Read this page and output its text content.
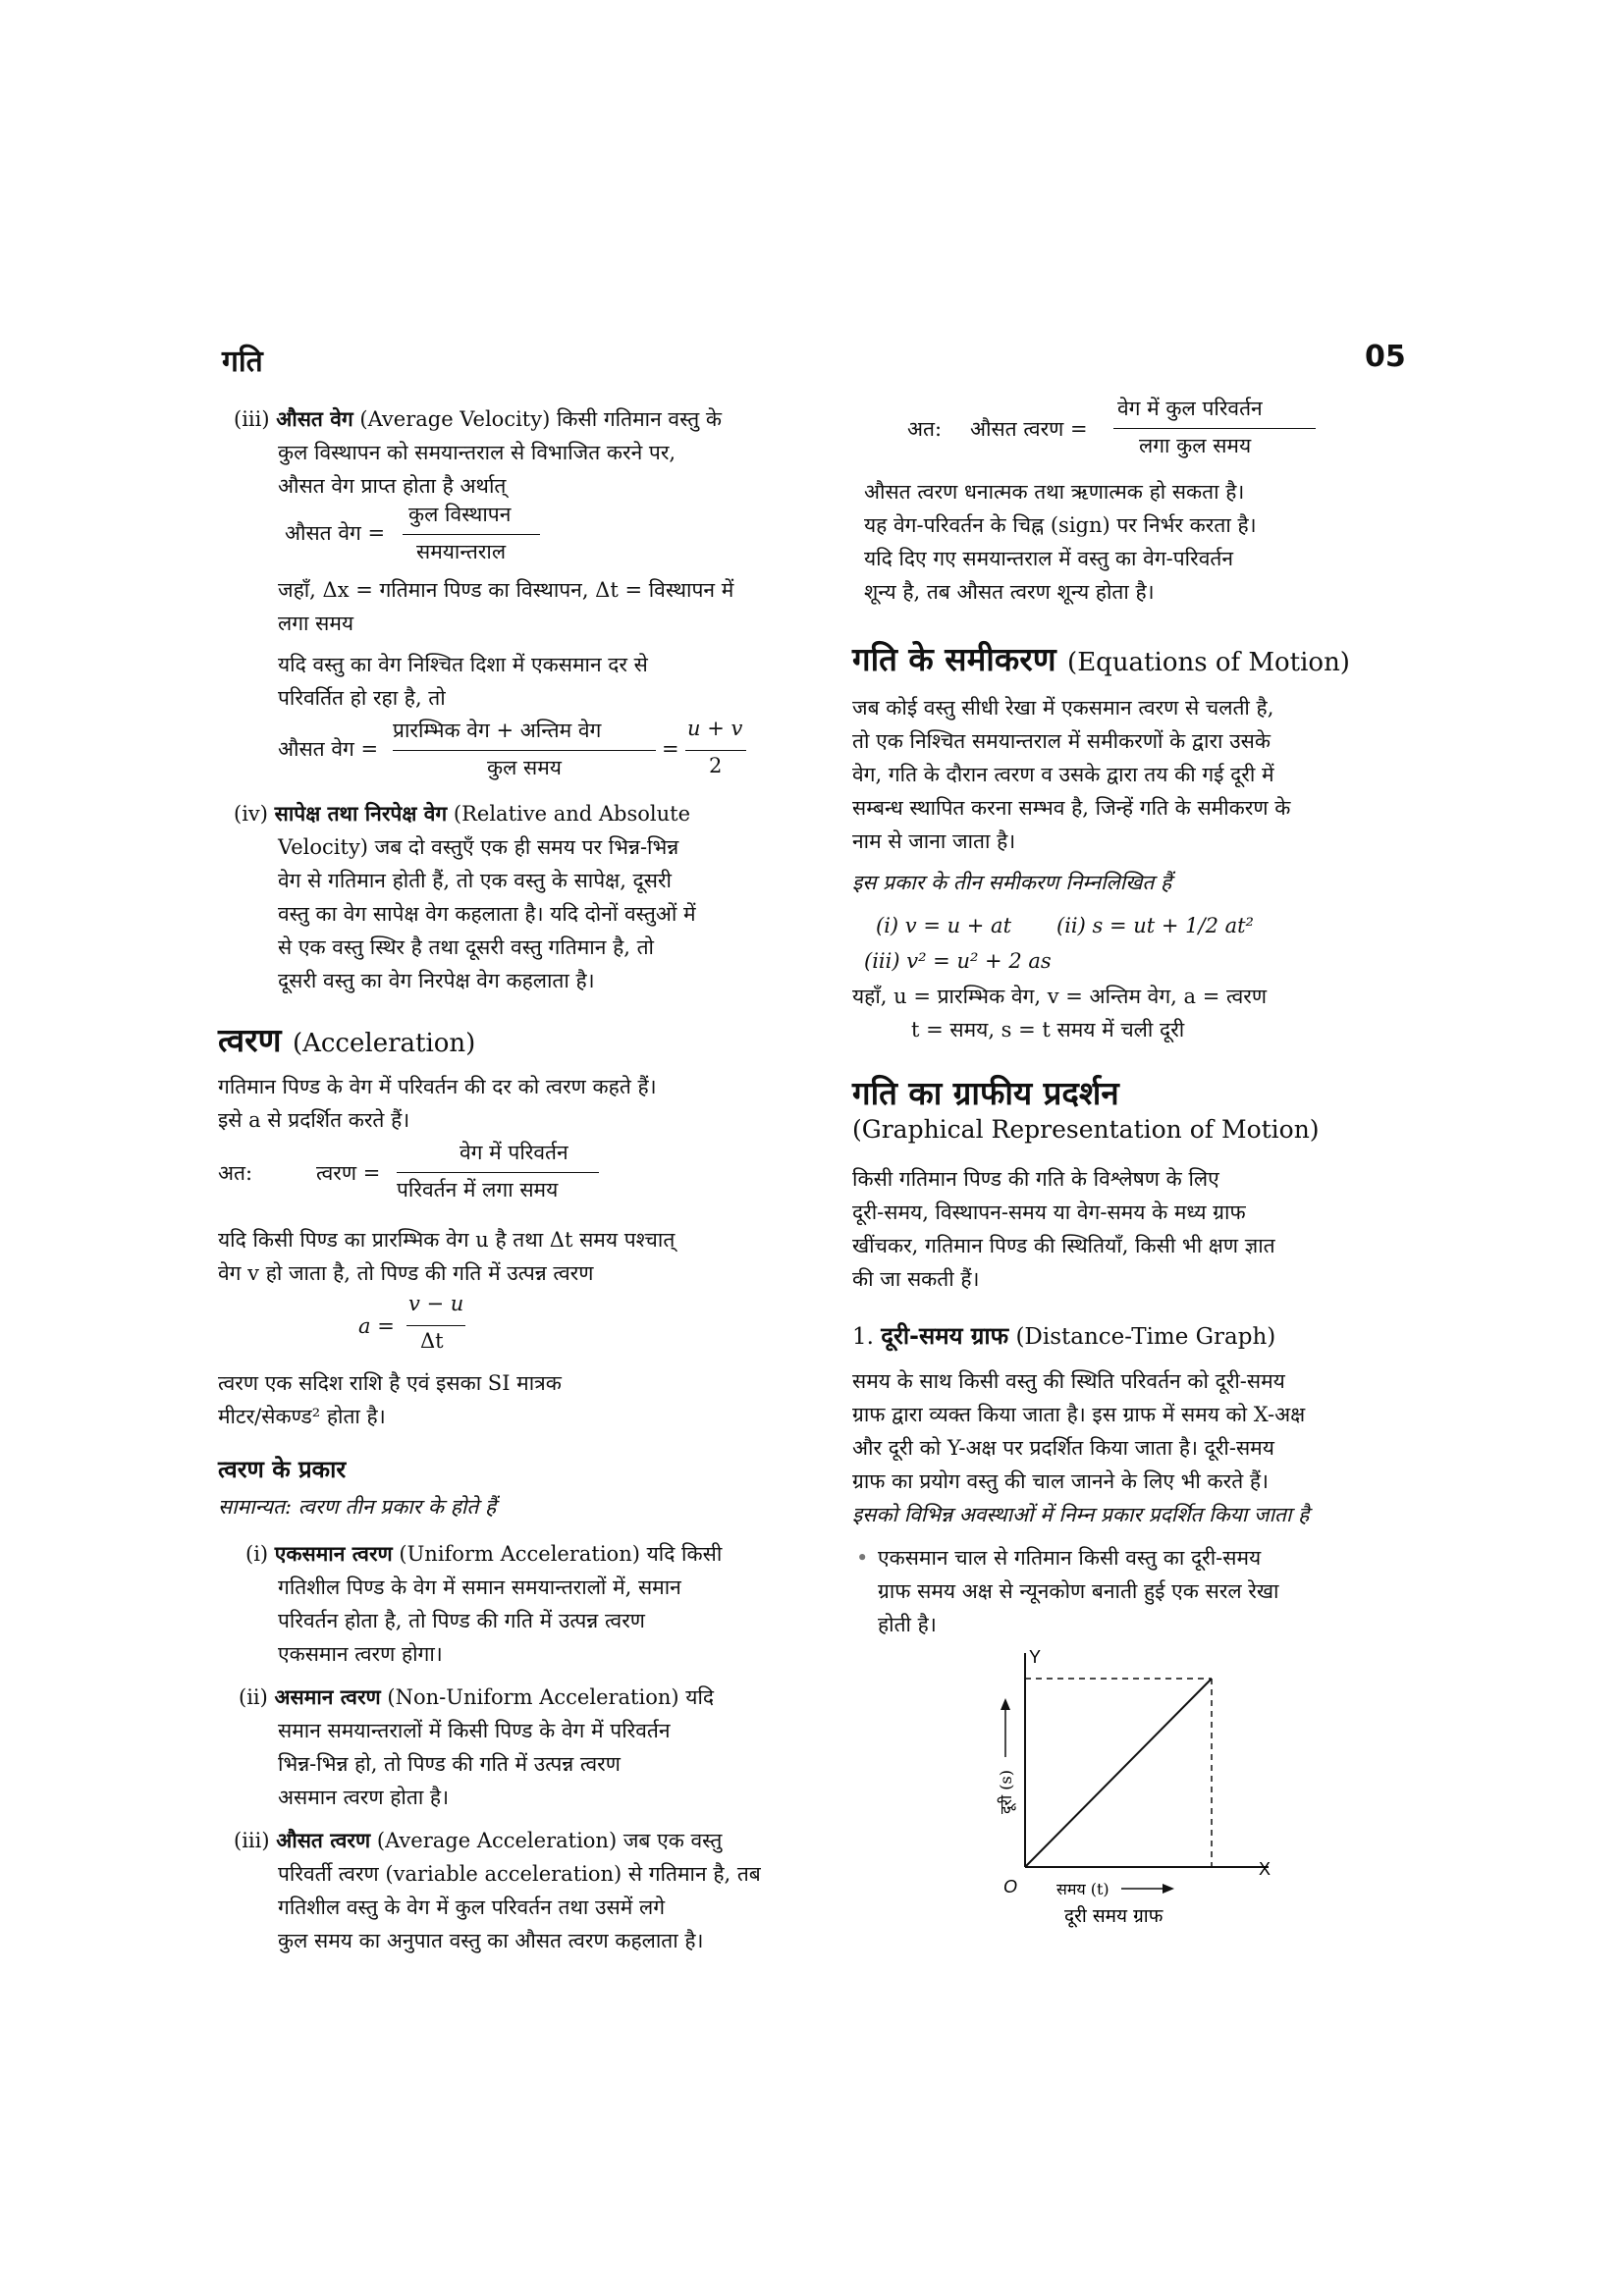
गति	05
(iii) औसत वेग (Average Velocity) किसी गतिमान वस्तु के
कुल विस्थापन को समयान्तराल से विभाजित करने पर,
औसत वेग प्राप्त होता है अर्थात्
औसत वेग =
कुल विस्थापन
समयान्तराल
जहाँ, Δx = गतिमान पिण्ड का विस्थापन, Δt = विस्थापन में
लगा समय
यदि वस्तु का वेग निश्चित दिशा में एकसमान दर से
परिवर्तित हो रहा है, तो
औसत वेग =
प्रारम्भिक वेग + अन्तिम वेग
कुल समय
=
u + v
2
(iv) सापेक्ष तथा निरपेक्ष वेग (Relative and Absolute
Velocity) जब दो वस्तुएँ एक ही समय पर भिन्न-भिन्न
वेग से गतिमान होती हैं, तो एक वस्तु के सापेक्ष, दूसरी
वस्तु का वेग सापेक्ष वेग कहलाता है। यदि दोनों वस्तुओं में
से एक वस्तु स्थिर है तथा दूसरी वस्तु गतिमान है, तो
दूसरी वस्तु का वेग निरपेक्ष वेग कहलाता है।
त्वरण (Acceleration)
गतिमान पिण्ड के वेग में परिवर्तन की दर को त्वरण कहते हैं।
इसे a से प्रदर्शित करते हैं।
अत:	त्वरण =
वेग में परिवर्तन
परिवर्तन में लगा समय
यदि किसी पिण्ड का प्रारम्भिक वेग u है तथा Δt समय पश्चात्
वेग v हो जाता है, तो पिण्ड की गति में उत्पन्न त्वरण
a =
v − u
Δt
त्वरण एक सदिश राशि है एवं इसका SI मात्रक
मीटर/सेकण्ड² होता है।
त्वरण के प्रकार
सामान्यत: त्वरण तीन प्रकार के होते हैं
(i) एकसमान त्वरण (Uniform Acceleration) यदि किसी
गतिशील पिण्ड के वेग में समान समयान्तरालों में, समान
परिवर्तन होता है, तो पिण्ड की गति में उत्पन्न त्वरण
एकसमान त्वरण होगा।
(ii) असमान त्वरण (Non-Uniform Acceleration) यदि
समान समयान्तरालों में किसी पिण्ड के वेग में परिवर्तन
भिन्न-भिन्न हो, तो पिण्ड की गति में उत्पन्न त्वरण
असमान त्वरण होता है।
(iii) औसत त्वरण (Average Acceleration) जब एक वस्तु
परिवर्ती त्वरण (variable acceleration) से गतिमान है, तब
गतिशील वस्तु के वेग में कुल परिवर्तन तथा उसमें लगे
कुल समय का अनुपात वस्तु का औसत त्वरण कहलाता है।
अत: औसत त्वरण =
वेग में कुल परिवर्तन
लगा कुल समय
औसत त्वरण धनात्मक तथा ऋणात्मक हो सकता है।
यह वेग-परिवर्तन के चिह्न (sign) पर निर्भर करता है।
यदि दिए गए समयान्तराल में वस्तु का वेग-परिवर्तन
शून्य है, तब औसत त्वरण शून्य होता है।
गति के समीकरण (Equations of Motion)
जब कोई वस्तु सीधी रेखा में एकसमान त्वरण से चलती है,
तो एक निश्चित समयान्तराल में समीकरणों के द्वारा उसके
वेग, गति के दौरान त्वरण व उसके द्वारा तय की गई दूरी में
सम्बन्ध स्थापित करना सम्भव है, जिन्हें गति के समीकरण के
नाम से जाना जाता है।
इस प्रकार के तीन समीकरण निम्नलिखित हैं
(i) v = u + at (ii) s = ut + 1/2 at²
(iii) v² = u² + 2 as
यहाँ, u = प्रारम्भिक वेग, v = अन्तिम वेग, a = त्वरण
t = समय, s = t समय में चली दूरी
गति का ग्राफीय प्रदर्शन
(Graphical Representation of Motion)
किसी गतिमान पिण्ड की गति के विश्लेषण के लिए
दूरी-समय, विस्थापन-समय या वेग-समय के मध्य ग्राफ
खींचकर, गतिमान पिण्ड की स्थितियाँ, किसी भी क्षण ज्ञात
की जा सकती हैं।
1. दूरी-समय ग्राफ (Distance-Time Graph)
समय के साथ किसी वस्तु की स्थिति परिवर्तन को दूरी-समय
ग्राफ द्वारा व्यक्त किया जाता है। इस ग्राफ में समय को X-अक्ष
और दूरी को Y-अक्ष पर प्रदर्शित किया जाता है। दूरी-समय
ग्राफ का प्रयोग वस्तु की चाल जानने के लिए भी करते हैं।
इसको विभिन्न अवस्थाओं में निम्न प्रकार प्रदर्शित किया जाता है
• एकसमान चाल से गतिमान किसी वस्तु का दूरी-समय
ग्राफ समय अक्ष से न्यूनकोण बनाती हुई एक सरल रेखा
होती है।
Y
X
O
दूरी (s)
समय (t)
दूरी समय ग्राफ
